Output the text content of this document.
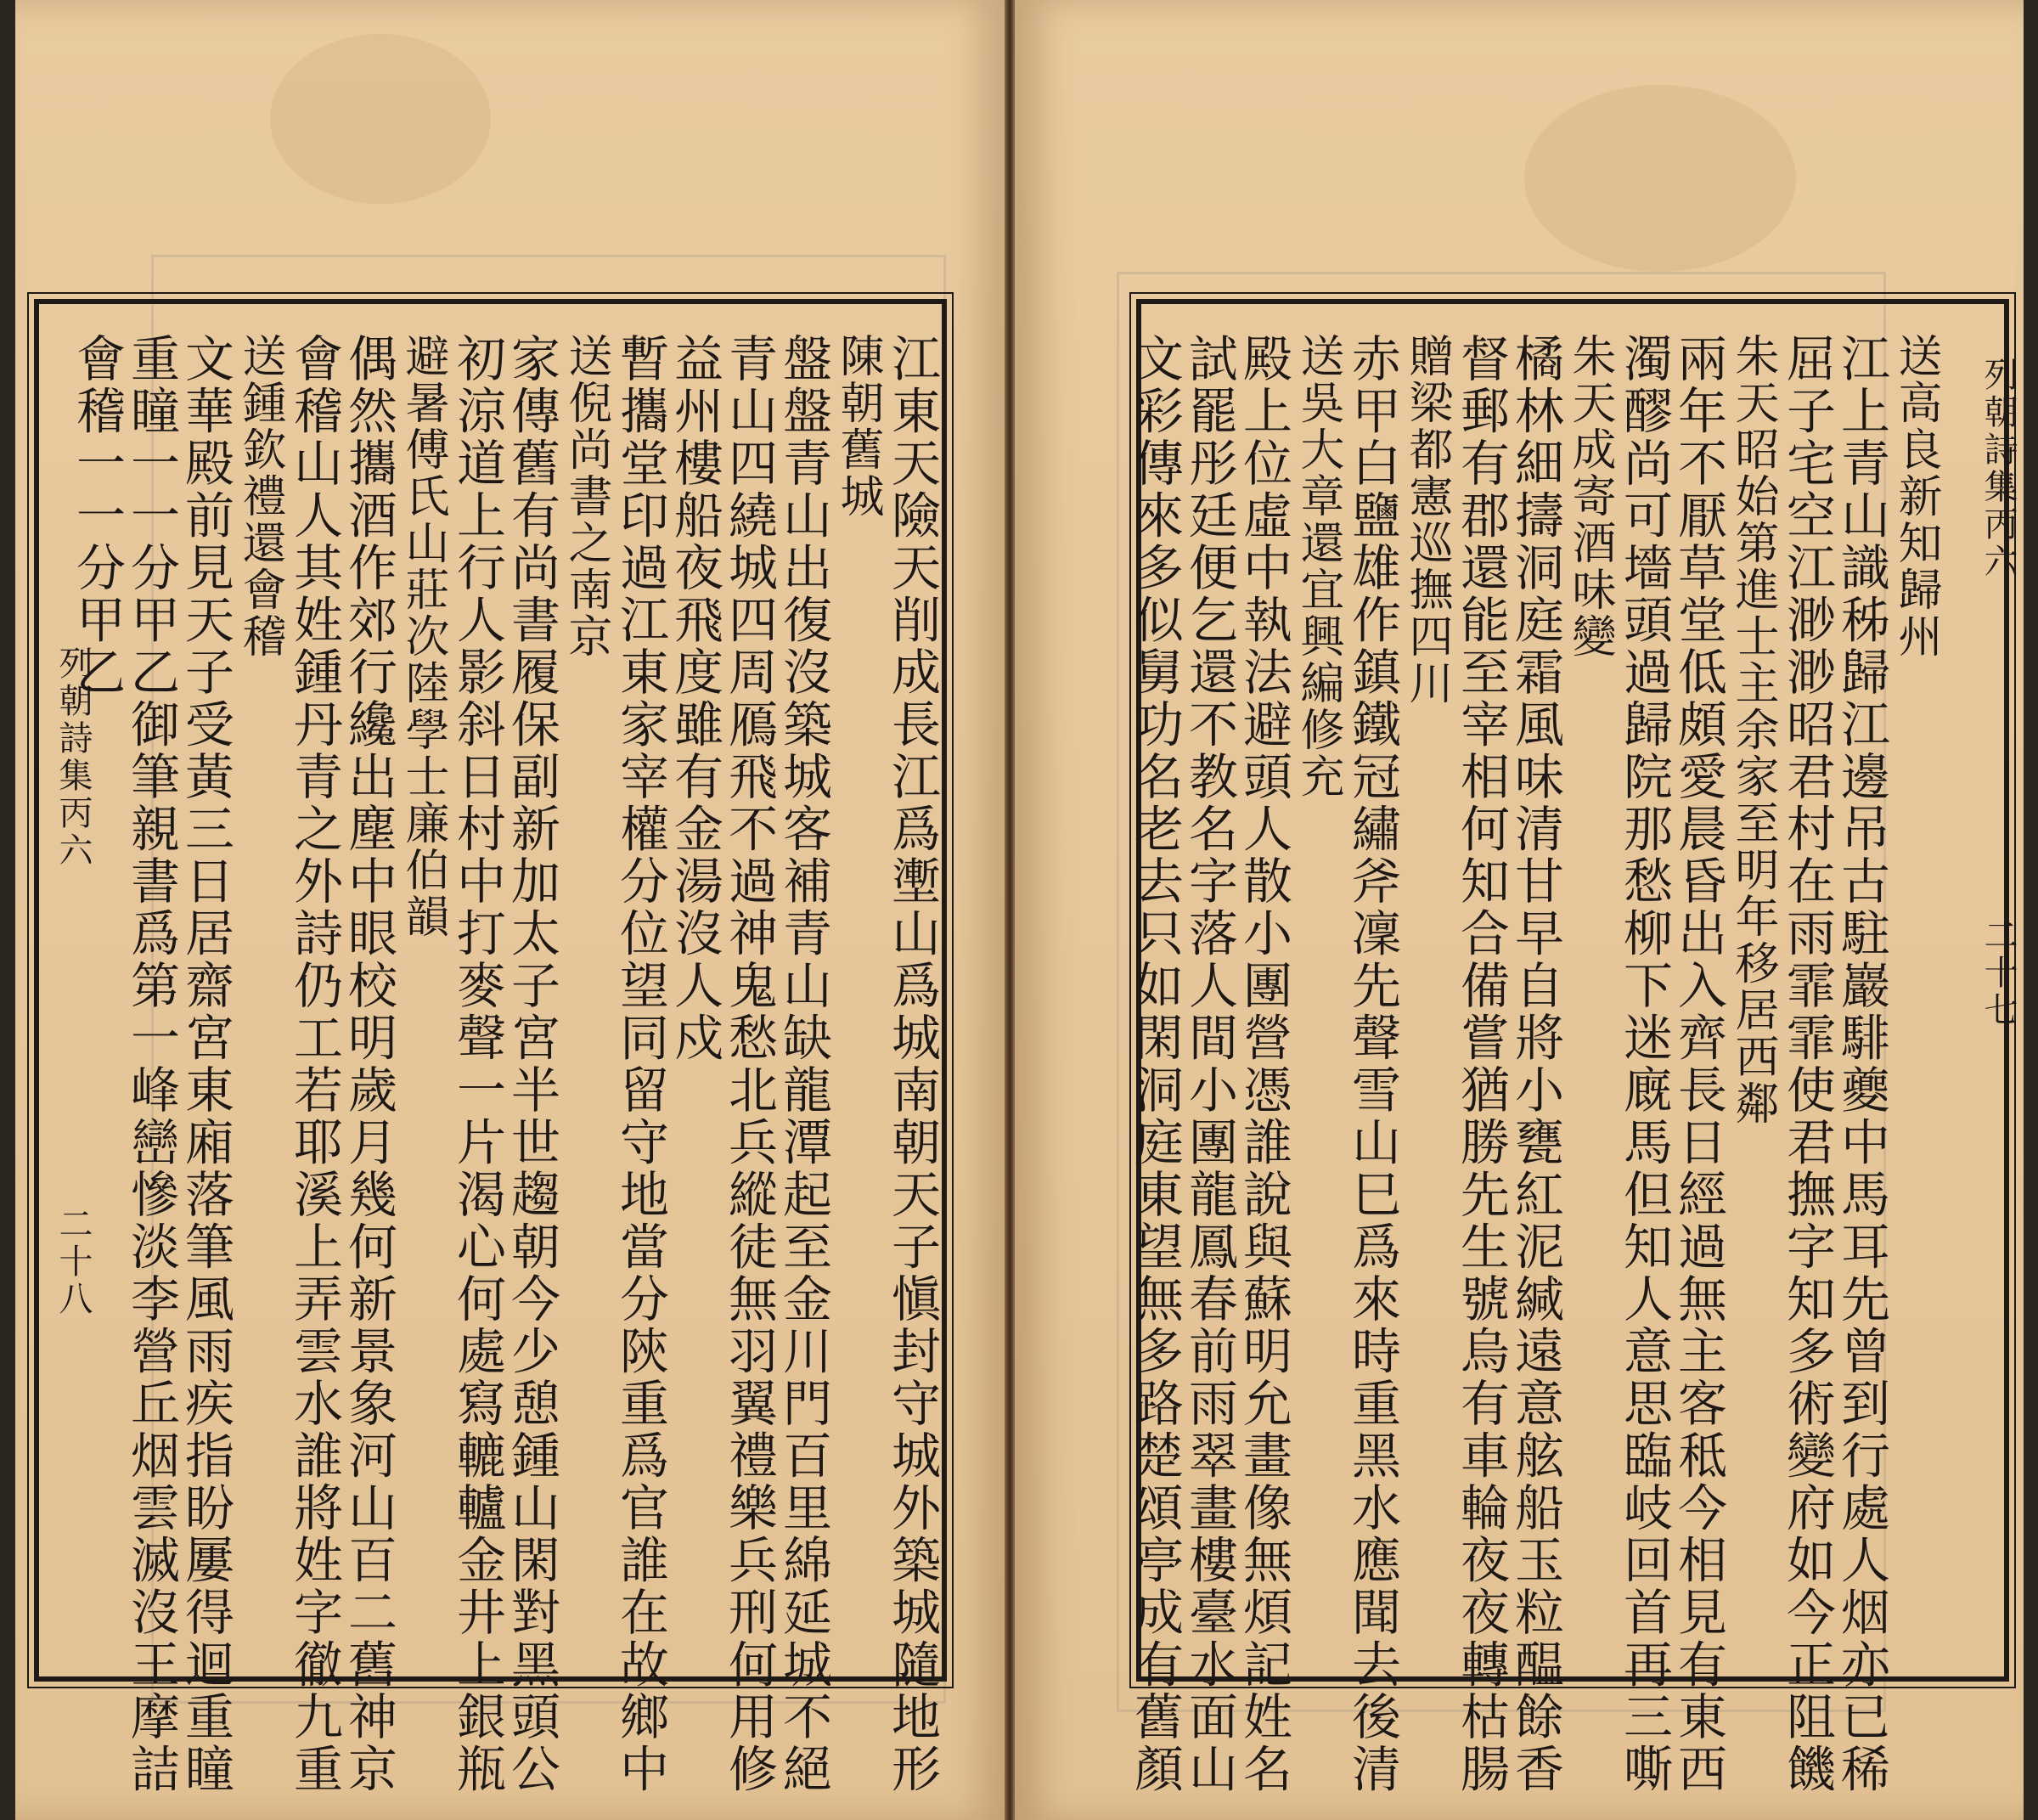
江東天險天削成長江爲壍山爲城南朝天子愼封守城外築城隨地形
陳朝舊城
盤盤青山出復沒築城客補青山缺龍潭起至金川門百里綿延城不絕
青山四繞城四周鴈飛不過神鬼愁北兵縱徒無羽翼禮樂兵刑何用修
益州樓船夜飛度雖有金湯沒人戍
暫攜堂印過江東家宰權分位望同留守地當分陝重爲官誰在故鄉中
送倪尚書之南京
家傳舊有尚書履保副新加太子宮半世趨朝今少憩鍾山閑對黑頭公
初涼道上行人影斜日村中打麥聲一片渴心何處寫轆轤金井上銀瓶
避暑傅氏山莊次陸學士廉伯韻
偶然攜酒作郊行纔出塵中眼校明歲月幾何新景象河山百二舊神京
會稽山人其姓鍾丹青之外詩仍工若耶溪上弄雲水誰將姓字徹九重
送鍾欽禮還會稽
文華殿前見天子受黃三日居齋宮東廂落筆風雨疾指盼屢得迴重瞳
重瞳一一分甲乙御筆親書爲第一峰巒慘淡李營丘烟雲滅沒王摩詰
會稽一一分甲乙
列朝詩集丙六
二十八
送高良新知歸州
江上青山識秭歸江邊吊古駐巖騑夔中馬耳先曾到行處人烟亦已稀
屈子宅空江渺渺昭君村在雨霏霏使君撫字知多術變府如今正阻饑
朱天昭始第進士主余家至明年移居西鄰
兩年不厭草堂低頗愛晨昏出入齊長日經過無主客秪今相見有東西
濁醪尚可墻頭過歸院那愁柳下迷廐馬但知人意思臨岐回首再三嘶
朱天成寄酒味變
橘林細擣洞庭霜風味清甘早自將小甕紅泥緘遠意舷船玉粒醖餘香
督郵有郡還能至宰相何知合備嘗猶勝先生號烏有車輪夜夜轉枯腸
贈梁都憲巡撫四川
赤甲白鹽雄作鎮鐵冠繡斧凜先聲雪山巳爲來時重黑水應聞去後清
送吳大章還宜興編修充
殿上位虛中執法避頭人散小團營憑誰說與蘇明允畫像無煩記姓名
試罷彤廷便乞還不教名字落人間小團龍鳳春前雨翠畫樓臺水面山
文彩傳來多似舅功名老去只如閑洞庭東望無多路楚頌亭成有舊顏	列朝詩集丙六
二十七
